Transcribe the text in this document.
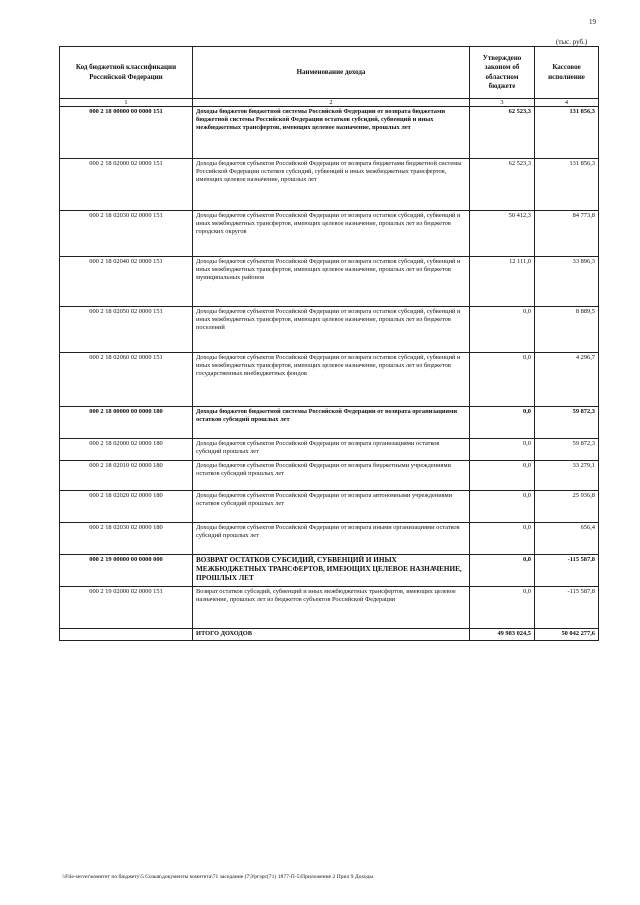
19
(тыс. руб.)
Код бюджетной классификации Российской Федерации	Наименование дохода	Утверждено законом об областном бюджете	Кассовое исполнение
1	2	3	4
000 2 18 00000 00 0000 151	Доходы бюджетов бюджетной системы Российской Федерации от возврата бюджетами бюджетной системы Российской Федерации остатков субсидий, субвенций и иных межбюджетных трансфертов, имеющих целевое назначение, прошлых лет	62 523,3	131 856,3
000 2 18 02000 02 0000 151	Доходы бюджетов субъектов Российской Федерации от возврата бюджетами бюджетной системы Российской Федерации остатков субсидий, субвенций и иных межбюджетных трансфертов, имеющих целевое назначение, прошлых лет	62 523,3	131 856,3
000 2 18 02030 02 0000 151	Доходы бюджетов субъектов Российской Федерации от возврата остатков субсидий, субвенций и иных межбюджетных трансфертов, имеющих целевое назначение, прошлых лет из бюджетов городских округов	50 412,3	84 773,8
000 2 18 02040 02 0000 151	Доходы бюджетов субъектов Российской Федерации от возврата остатков субсидий, субвенций и иных межбюджетных трансфертов, имеющих целевое назначение, прошлых лет из бюджетов муниципальных районов	12 111,0	33 896,3
000 2 18 02050 02 0000 151	Доходы бюджетов субъектов Российской Федерации от возврата остатков субсидий, субвенций и иных межбюджетных трансфертов, имеющих целевое назначение, прошлых лет из бюджетов поселений	0,0	8 889,5
000 2 18 02060 02 0000 151	Доходы бюджетов субъектов Российской Федерации от возврата остатков субсидий, субвенций и иных межбюджетных трансфертов, имеющих целевое назначение, прошлых лет из бюджетов государственных внебюджетных фондов	0,0	4 296,7
000 2 18 00000 00 0000 180	Доходы бюджетов бюджетной системы Российской Федерации от возврата организациями остатков субсидий прошлых лет	0,0	59 872,3
000 2 18 02000 02 0000 180	Доходы бюджетов субъектов Российской Федерации от возврата организациями остатков субсидий прошлых лет	0,0	59 872,3
000 2 18 02010 02 0000 180	Доходы бюджетов субъектов Российской Федерации от возврата бюджетными учреждениями остатков субсидий прошлых лет	0,0	33 279,1
000 2 18 02020 02 0000 180	Доходы бюджетов субъектов Российской Федерации от возврата автономными учреждениями остатков субсидий прошлых лет	0,0	25 936,8
000 2 18 02030 02 0000 180	Доходы бюджетов субъектов Российской Федерации от возврата иными организациями остатков субсидий прошлых лет	0,0	656,4
000 2 19 00000 00 0000 000	ВОЗВРАТ ОСТАТКОВ СУБСИДИЙ, СУБВЕНЦИЙ И ИНЫХ МЕЖБЮДЖЕТНЫХ ТРАНСФЕРТОВ, ИМЕЮЩИХ ЦЕЛЕВОЕ НАЗНАЧЕНИЕ, ПРОШЛЫХ ЛЕТ	0,0	-115 587,8
000 2 19 02000 02 0000 151	Возврат остатков субсидий, субвенций и иных межбюджетных трансфертов, имеющих целевое назначение, прошлых лет из бюджетов субъектов Российской Федерации	0,0	-115 587,8
	ИТОГО ДОХОДОВ	49 983 024,5	50 042 277,6
\\File-server\комитет по бюджету\5 Созыв\документы комитета\71 заседание (7\Ургэрс(71) 1877-П-5\Приложение 2 Прил 9 Доходы
